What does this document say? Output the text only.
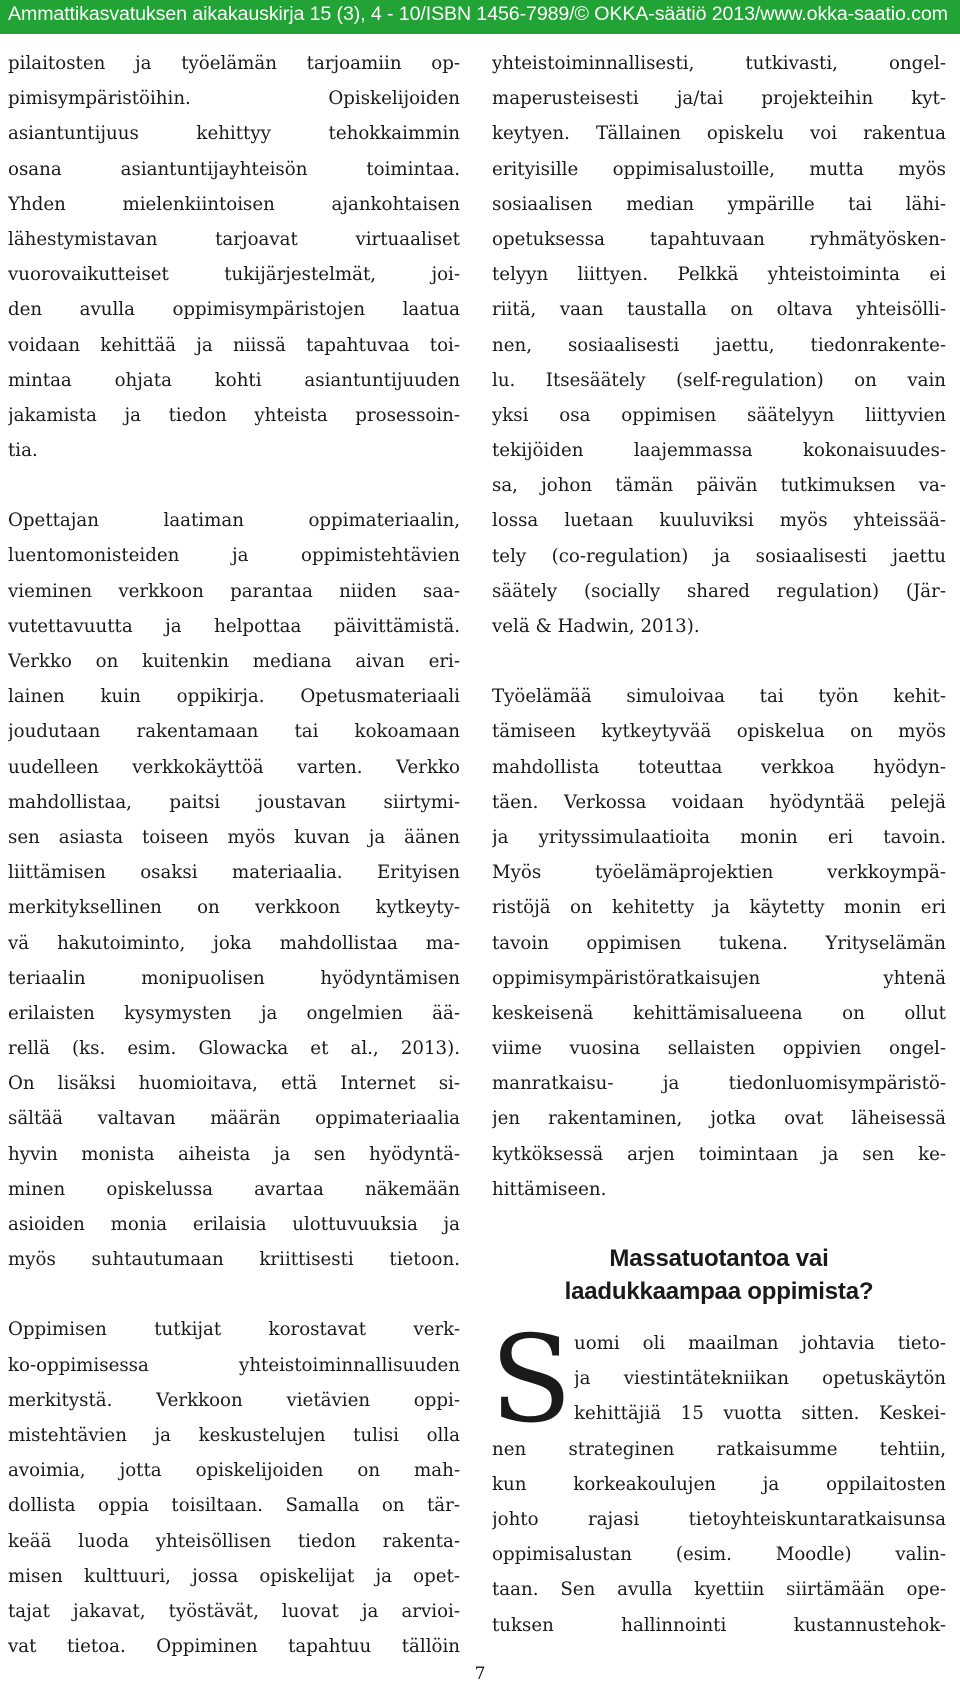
Ammattikasvatuksen aikakauskirja 15 (3), 4 - 10/ISBN 1456-7989/© OKKA-säätiö 2013/www.okka-saatio.com
pilaitosten ja työelämän tarjoamiin op-
pimisympäristöihin. Opiskelijoiden
asiantuntijuus kehittyy tehokkaimmin
osana asiantuntijayhteisön toimintaa.
Yhden mielenkiintoisen ajankohtaisen
lähestymistavan tarjoavat virtuaaliset
vuorovaikutteiset tukijärjestelmät, joi-
den avulla oppimisympäristojen laatua
voidaan kehittää ja niissä tapahtuvaa toi-
mintaa ohjata kohti asiantuntijuuden
jakamista ja tiedon yhteista prosessoin-
tia.
Opettajan laatiman oppimateriaalin,
luentomonisteiden ja oppimistehtävien
vieminen verkkoon parantaa niiden saa-
vutettavuutta ja helpottaa päivittämistä.
Verkko on kuitenkin mediana aivan eri-
lainen kuin oppikirja. Opetusmateriaali
joudutaan rakentamaan tai kokoamaan
uudelleen verkkokäyttöä varten. Verkko
mahdollistaa, paitsi joustavan siirtymi-
sen asiasta toiseen myös kuvan ja äänen
liittämisen osaksi materiaalia. Erityisen
merkityksellinen on verkkoon kytkeyty-
vä hakutoiminto, joka mahdollistaa ma-
teriaalin monipuolisen hyödyntämisen
erilaisten kysymysten ja ongelmien ää-
rellä (ks. esim. Glowacka et al., 2013).
On lisäksi huomioitava, että Internet si-
sältää valtavan määrän oppimateriaalia
hyvin monista aiheista ja sen hyödyntä-
minen opiskelussa avartaa näkemään
asioiden monia erilaisia ulottuvuuksia ja
myös suhtautumaan kriittisesti tietoon.
Oppimisen tutkijat korostavat verk-
ko-oppimisessa yhteistoiminnallisuuden
merkitystä. Verkkoon vietävien oppi-
mistehtävien ja keskustelujen tulisi olla
avoimia, jotta opiskelijoiden on mah-
dollista oppia toisiltaan. Samalla on tär-
keää luoda yhteisöllisen tiedon rakenta-
misen kulttuuri, jossa opiskelijat ja opet-
tajat jakavat, työstävät, luovat ja arvioi-
vat tietoa. Oppiminen tapahtuu tällöin
yhteistoiminnallisesti, tutkivasti, ongel-
maperusteisesti ja/tai projekteihin kyt-
keytyen. Tällainen opiskelu voi rakentua
erityisille oppimisalustoille, mutta myös
sosiaalisen median ympärille tai lähi-
opetuksessa tapahtuvaan ryhmätyösken-
telyyn liittyen. Pelkkä yhteistoiminta ei
riitä, vaan taustalla on oltava yhteisölli-
nen, sosiaalisesti jaettu, tiedonrakente-
lu. Itsesäätely (self-regulation) on vain
yksi osa oppimisen säätelyyn liittyvien
tekijöiden laajemmassa kokonaisuudes-
sa, johon tämän päivän tutkimuksen va-
lossa luetaan kuuluviksi myös yhteissää-
tely (co-regulation) ja sosiaalisesti jaettu
säätely (socially shared regulation) (Jär-
velä & Hadwin, 2013).
Työelämää simuloivaa tai työn kehit-
tämiseen kytkeytyvää opiskelua on myös
mahdollista toteuttaa verkkoa hyödyn-
täen. Verkossa voidaan hyödyntää pelejä
ja yrityssimulaatioita monin eri tavoin.
Myös työelämäprojektien verkkoympä-
ristöjä on kehitetty ja käytetty monin eri
tavoin oppimisen tukena. Yrityselämän
oppimisympäristöratkaisujen yhtenä
keskeisenä kehittämisalueena on ollut
viime vuosina sellaisten oppivien ongel-
manratkaisu- ja tiedonluomisympäristö-
jen rakentaminen, jotka ovat läheisessä
kytköksessä arjen toimintaan ja sen ke-
hittämiseen.
Massatuotantoa vai
laadukkaampaa oppimista?
S uomi oli maailman johtavia tieto-
ja viestintätekniikan opetuskäytön
kehittäjiä 15 vuotta sitten. Keskei-
nen strateginen ratkaisumme tehtiin,
kun korkeakoulujen ja oppilaitosten
johto rajasi tietoyhteiskuntaratkaisunsa
oppimisalustan (esim. Moodle) valin-
taan. Sen avulla kyettiin siirtämään ope-
tuksen hallinnointi kustannustehok-
7
